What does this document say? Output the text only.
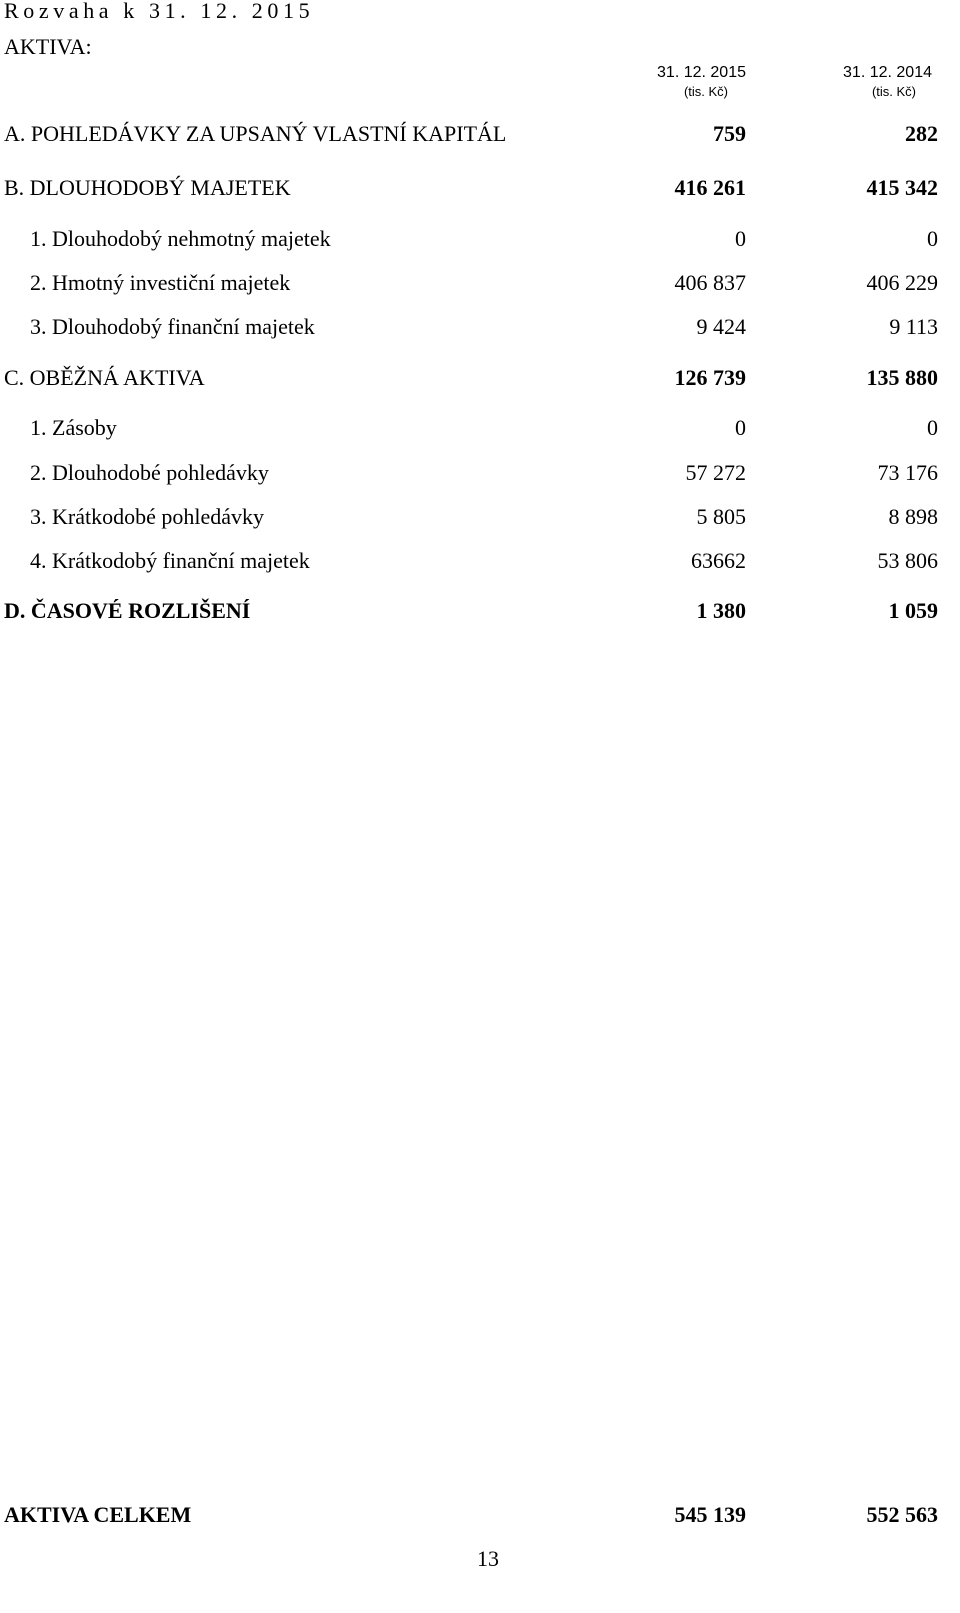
Rozvaha k 31. 12. 2015
AKTIVA:
31. 12. 2015
(tis. Kč)
31. 12. 2014
(tis. Kč)
A. POHLEDÁVKY ZA UPSANÝ VLASTNÍ KAPITÁL	759	282
B. DLOUHODOBÝ MAJETEK	416 261	415 342
1. Dlouhodobý nehmotný majetek	0	0
2. Hmotný investiční majetek	406 837	406 229
3. Dlouhodobý finanční majetek	9 424	9 113
C. OBĚŽNÁ AKTIVA	126 739	135 880
1. Zásoby	0	0
2. Dlouhodobé pohledávky	57 272	73 176
3. Krátkodobé pohledávky	5 805	8 898
4. Krátkodobý finanční majetek	63662	53 806
D. ČASOVÉ ROZLIŠENÍ	1 380	1 059
AKTIVA CELKEM	545 139	552 563
13
